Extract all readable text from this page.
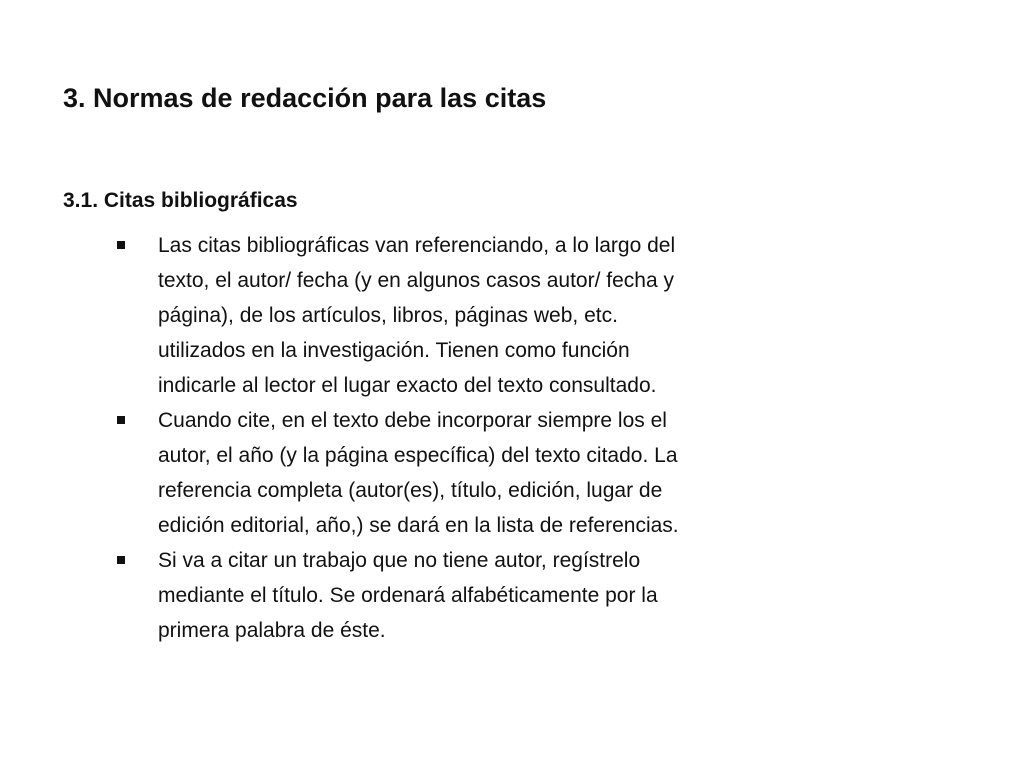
3. Normas de redacción para las citas
3.1. Citas bibliográficas
Las citas bibliográficas van referenciando, a lo largo del
texto, el autor/ fecha (y en algunos casos autor/ fecha y
página), de los artículos, libros, páginas web, etc.
utilizados en la investigación. Tienen como función
indicarle al lector el lugar exacto del texto consultado.
Cuando cite, en el texto debe incorporar siempre los el
autor, el año (y la página específica) del texto citado. La
referencia completa (autor(es), título, edición, lugar de
edición editorial, año,) se dará en la lista de referencias.
Si va a citar un trabajo que no tiene autor, regístrelo
mediante el título. Se ordenará alfabéticamente por la
primera palabra de éste.
